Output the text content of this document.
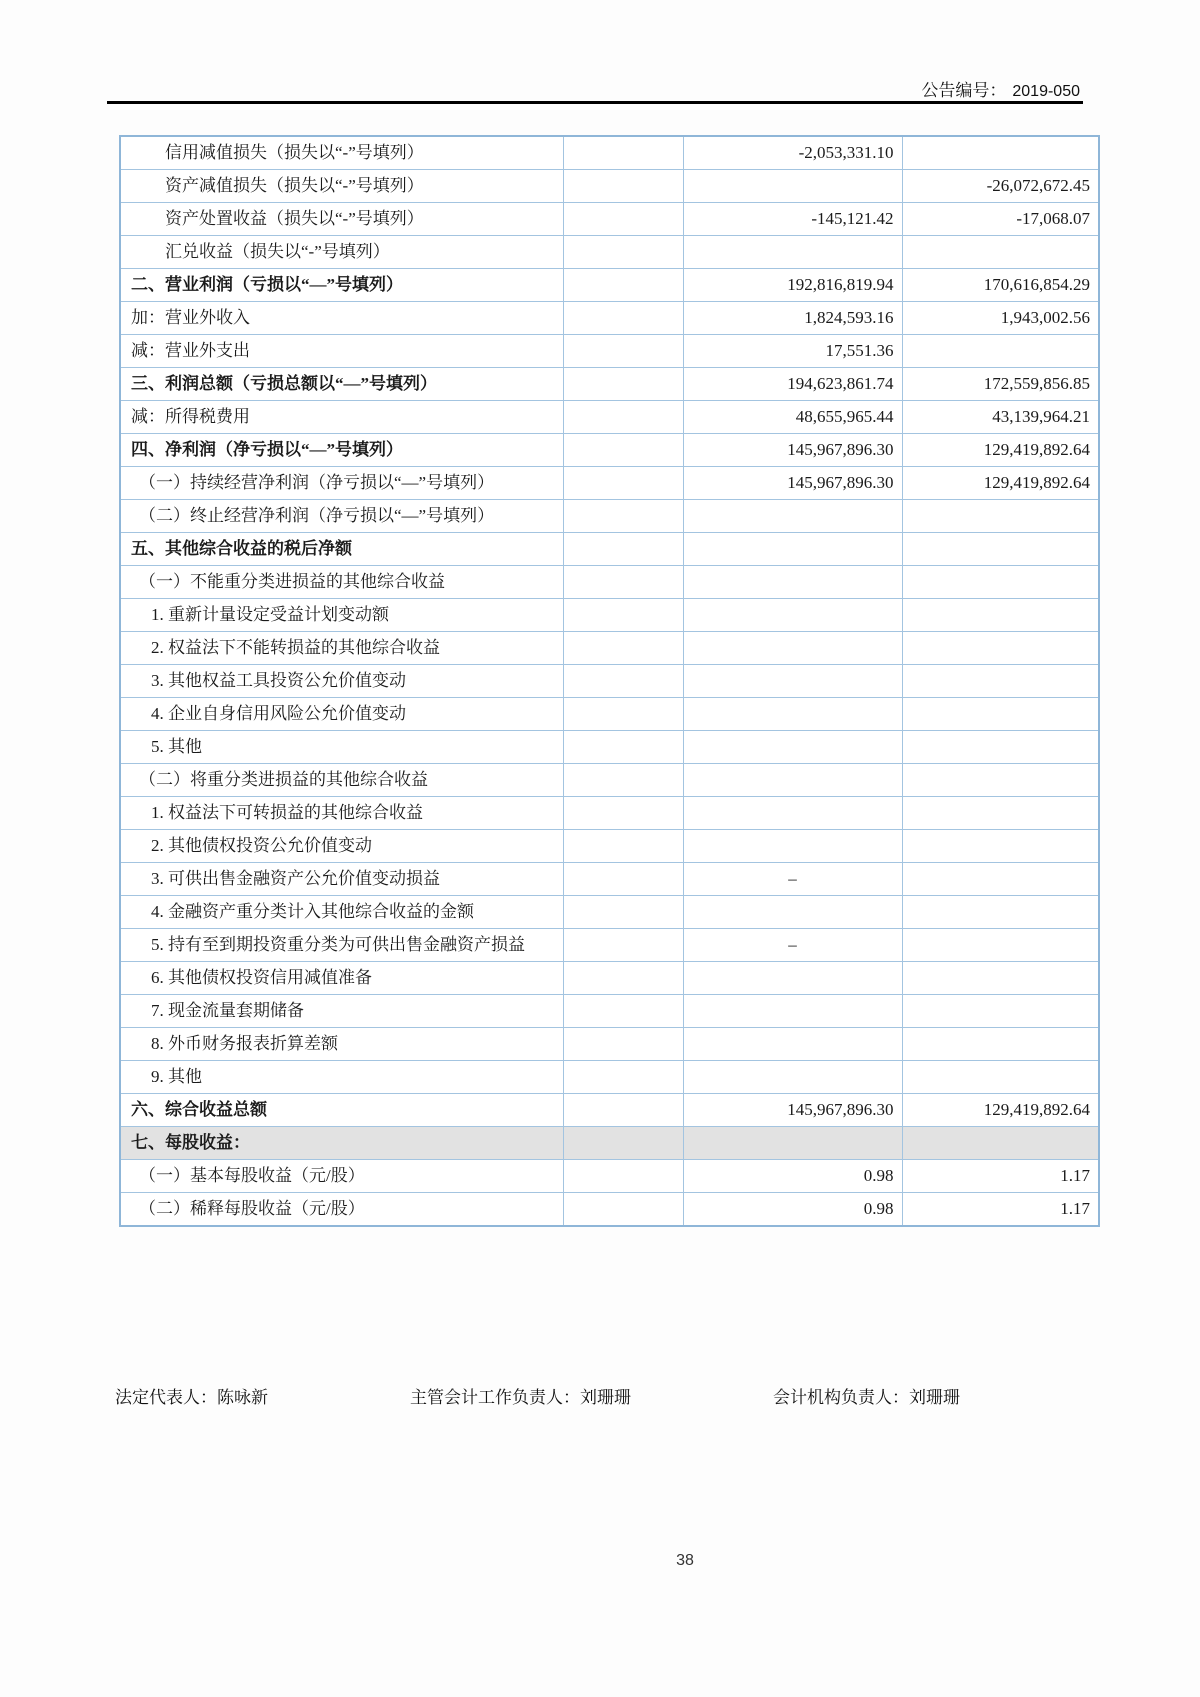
公告编号： 2019-050
信用减值损失（损失以“-”号填列）		-2,053,331.10	
资产减值损失（损失以“-”号填列）			-26,072,672.45
资产处置收益（损失以“-”号填列）		-145,121.42	-17,068.07
汇兑收益（损失以“-”号填列）			
二、营业利润（亏损以“—”号填列）		192,816,819.94	170,616,854.29
加：营业外收入		1,824,593.16	1,943,002.56
减：营业外支出		17,551.36	
三、利润总额（亏损总额以“—”号填列）		194,623,861.74	172,559,856.85
减：所得税费用		48,655,965.44	43,139,964.21
四、净利润（净亏损以“—”号填列）		145,967,896.30	129,419,892.64
（一）持续经营净利润（净亏损以“—”号填列）		145,967,896.30	129,419,892.64
（二）终止经营净利润（净亏损以“—”号填列）			
五、其他综合收益的税后净额			
（一）不能重分类进损益的其他综合收益			
1. 重新计量设定受益计划变动额			
2. 权益法下不能转损益的其他综合收益			
3. 其他权益工具投资公允价值变动			
4. 企业自身信用风险公允价值变动			
5. 其他			
（二）将重分类进损益的其他综合收益			
1. 权益法下可转损益的其他综合收益			
2. 其他债权投资公允价值变动			
3. 可供出售金融资产公允价值变动损益		–	
4. 金融资产重分类计入其他综合收益的金额			
5. 持有至到期投资重分类为可供出售金融资产损益		–	
6. 其他债权投资信用减值准备			
7. 现金流量套期储备			
8. 外币财务报表折算差额			
9. 其他			
六、综合收益总额		145,967,896.30	129,419,892.64
七、每股收益：			
（一）基本每股收益（元/股）		0.98	1.17
（二）稀释每股收益（元/股）		0.98	1.17
法定代表人：陈咏新	主管会计工作负责人：刘珊珊	会计机构负责人：刘珊珊
38
